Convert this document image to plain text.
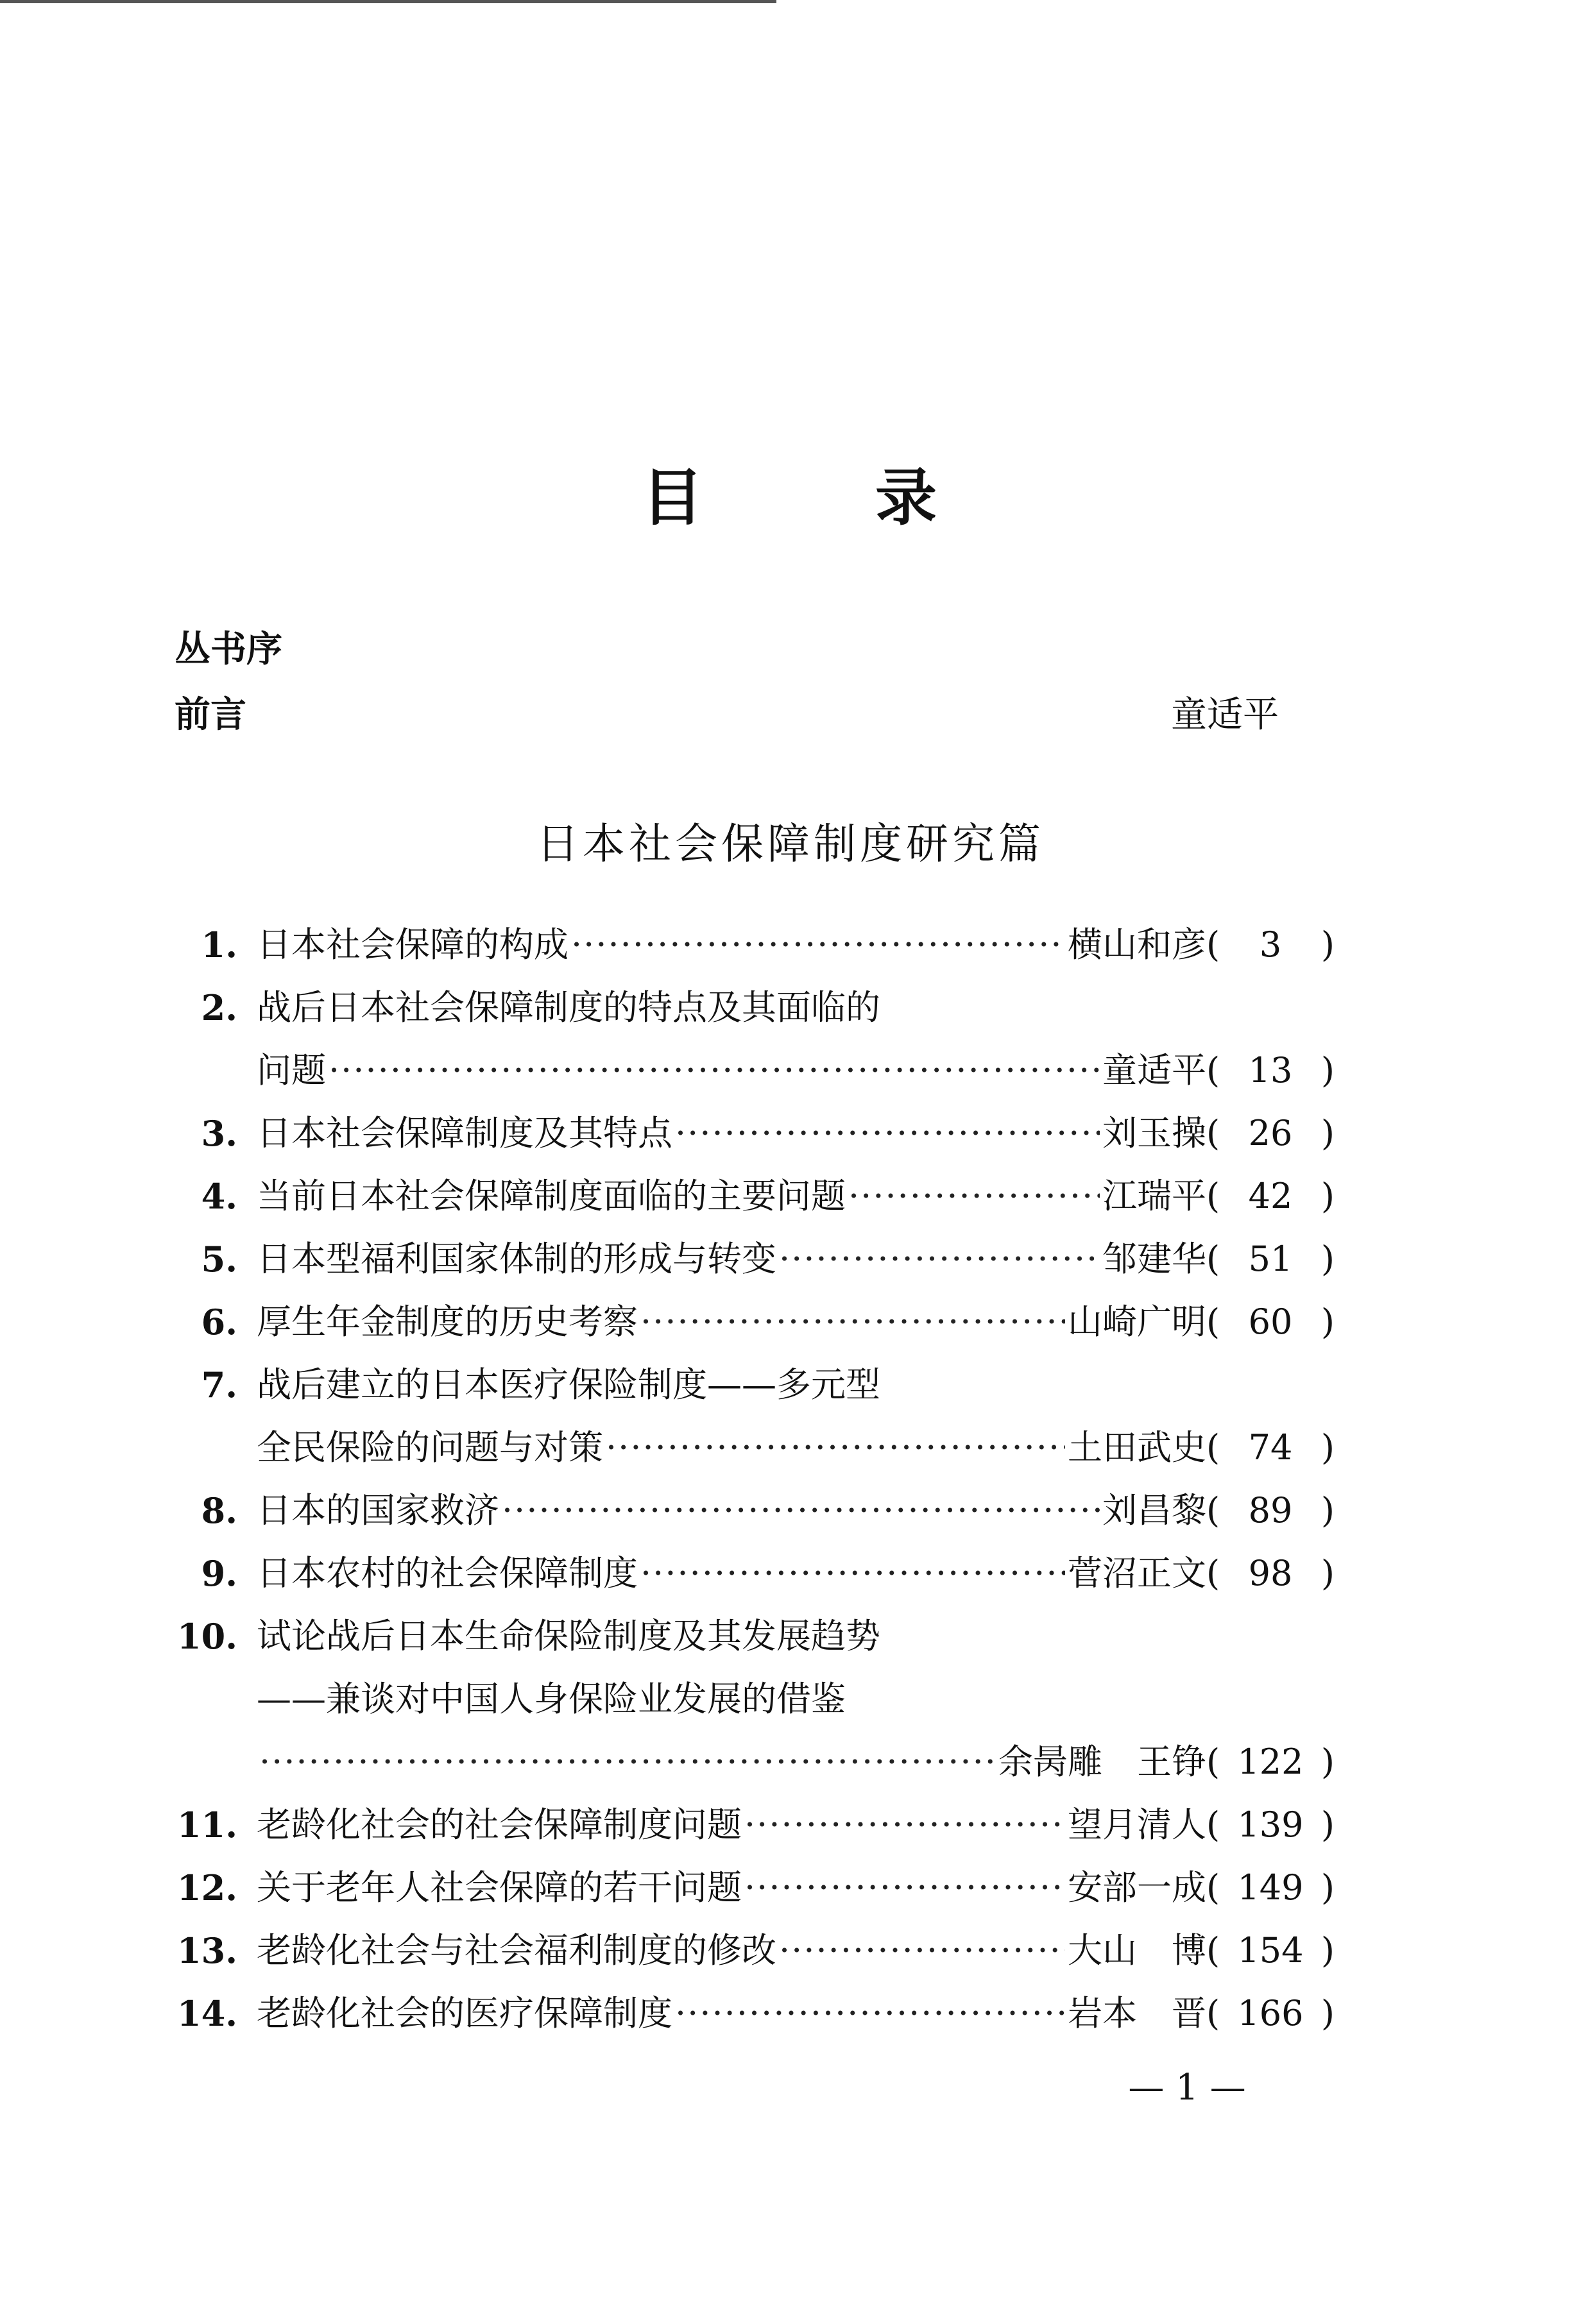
目	录
丛书序
前言	童适平
日本社会保障制度研究篇
1. 日本社会保障的构成 ·····	横山和彦 ( 3 )
2. 战后日本社会保障制度的特点及其面临的
问题 ·····	童适平 ( 13 )
3. 日本社会保障制度及其特点 ·····	刘玉操 ( 26 )
4. 当前日本社会保障制度面临的主要问题 ·····	江瑞平 ( 42 )
5. 日本型福利国家体制的形成与转变 ·····	邹建华 ( 51 )
6. 厚生年金制度的历史考察 ·····	山崎广明 ( 60 )
7. 战后建立的日本医疗保险制度——多元型
全民保险的问题与对策 ·····	土田武史 ( 74 )
8. 日本的国家救济 ·····	刘昌黎 ( 89 )
9. 日本农村的社会保障制度 ·····	菅沼正文 ( 98 )
10. 试论战后日本生命保险制度及其发展趋势
——兼谈对中国人身保险业发展的借鉴
·····
余昺雕　王铮 ( 122 )
11. 老龄化社会的社会保障制度问题 ·····	望月清人 ( 139 )
12. 关于老年人社会保障的若干问题 ·····	安部一成 ( 149 )
13. 老龄化社会与社会福利制度的修改 ·····	大山　博 ( 154 )
14. 老龄化社会的医疗保障制度 ·····	岩本　晋 ( 166 )
— 1 —
